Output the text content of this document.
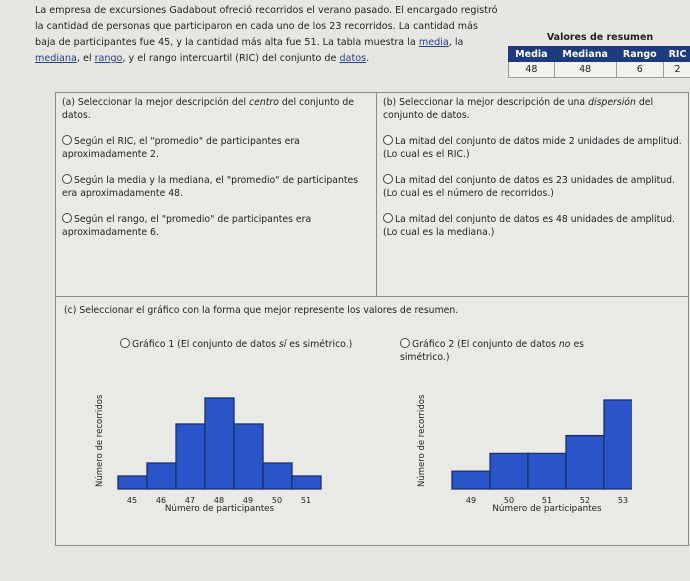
La empresa de excursiones Gadabout ofreció recorridos el verano pasado. El encargado registró
la cantidad de personas que participaron en cada uno de los 23 recorridos. La cantidad más
baja de participantes fue 45, y la cantidad más alta fue 51. La tabla muestra la media, la
mediana, el rango, y el rango intercuartil (RIC) del conjunto de datos.
Valores de resumen			
Media	Mediana	Rango	RIC
48	48	6	2
(a) Seleccionar la mejor descripción del centro del conjunto de datos.
Según el RIC, el "promedio" de participantes era aproximadamente 2.
Según la media y la mediana, el "promedio" de participantes era aproximadamente 48.
Según el rango, el "promedio" de participantes era aproximadamente 6.
(b) Seleccionar la mejor descripción de una dispersión del conjunto de datos.
La mitad del conjunto de datos mide 2 unidades de amplitud. (Lo cual es el RIC.)
La mitad del conjunto de datos es 23 unidades de amplitud. (Lo cual es el número de recorridos.)
La mitad del conjunto de datos es 48 unidades de amplitud. (Lo cual es la mediana.)
(c) Seleccionar el gráfico con la forma que mejor represente los valores de resumen.
Gráfico 1 (El conjunto de datos sí es simétrico.)	Gráfico 2 (El conjunto de datos no es simétrico.)
Número de recorridos
45 46 47 48 49 50 51
Número de participantes
Número de recorridos
49	50	51	52	53
Número de participantes
